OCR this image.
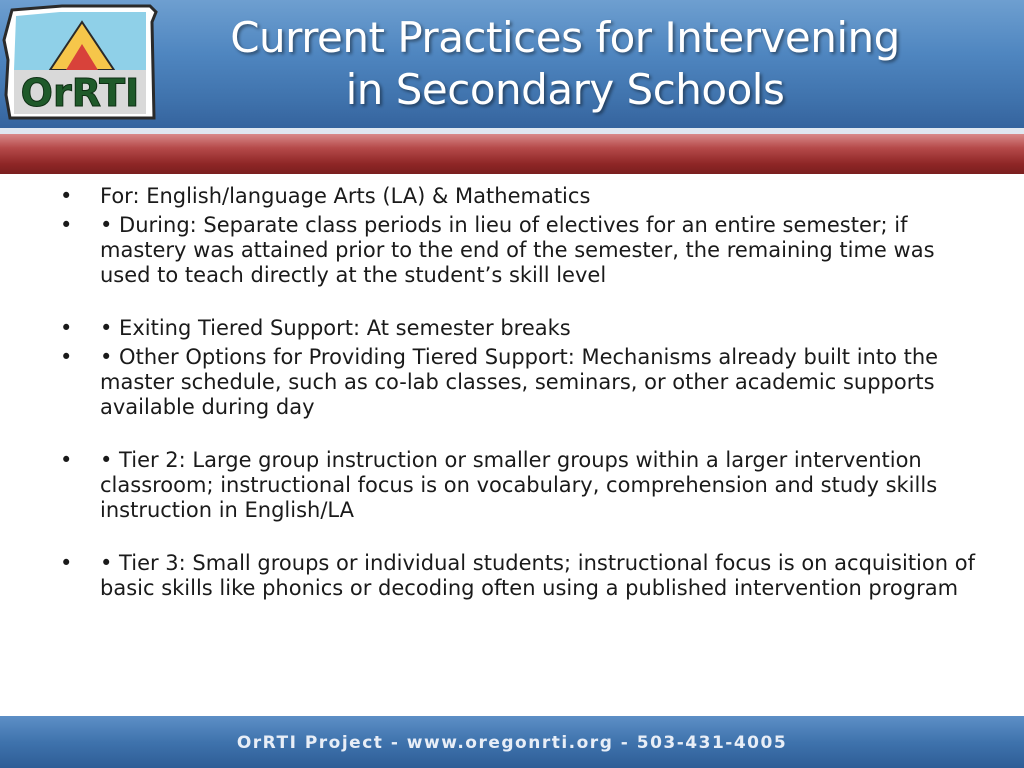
OrRTI
Current Practices for Intervening
in Secondary Schools
• For: English/language Arts (LA) & Mathematics
• • During: Separate class periods in lieu of electives for an entire semester; if mastery was attained prior to the end of the semester, the remaining time was used to teach directly at the student’s skill level
• • Exiting Tiered Support: At semester breaks
• • Other Options for Providing Tiered Support: Mechanisms already built into the master schedule, such as co-lab classes, seminars, or other academic supports available during day
• • Tier 2: Large group instruction or smaller groups within a larger intervention classroom; instructional focus is on vocabulary, comprehension and study skills instruction in English/LA
• • Tier 3: Small groups or individual students; instructional focus is on acquisition of basic skills like phonics or decoding often using a published intervention program
OrRTI Project - www.oregonrti.org - 503-431-4005
